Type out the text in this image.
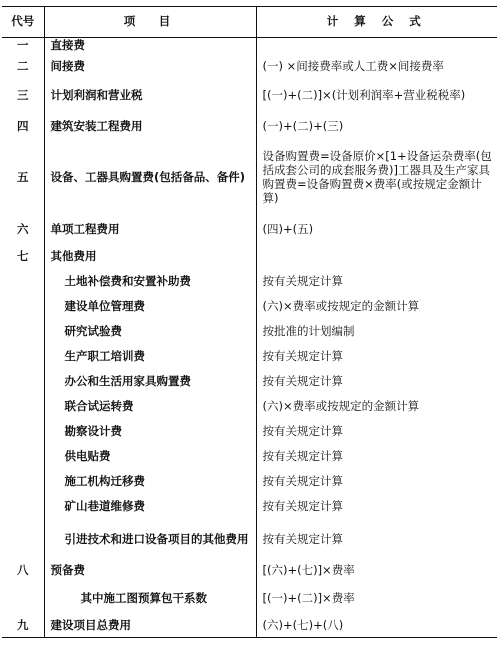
代号	项　目	计 算 公 式
一	直接费	
二	间接费	(一) ×间接费率或人工费×间接费率
三	计划利润和营业税	[(一)+(二)]×(计划利润率+营业税税率)
四	建筑安装工程费用	(一)+(二)+(三)
五	设备、工器具购置费(包括备品、备件)	设备购置费=设备原价×[1+设备运杂费率(包括成套公司的成套服务费)]工器具及生产家具购置费=设备购置费×费率(或按规定金额计算)
六	单项工程费用	(四)+(五)
七	其他费用	
	土地补偿费和安置补助费	按有关规定计算
	建设单位管理费	(六)×费率或按规定的金额计算
	研究试验费	按批准的计划编制
	生产职工培训费	按有关规定计算
	办公和生活用家具购置费	按有关规定计算
	联合试运转费	(六)×费率或按规定的金额计算
	勘察设计费	按有关规定计算
	供电贴费	按有关规定计算
	施工机构迁移费	按有关规定计算
	矿山巷道维修费	按有关规定计算
	引进技术和进口设备项目的其他费用	按有关规定计算
八	预备费	[(六)+(七)]×费率
	其中施工图预算包干系数	[(一)+(二)]×费率
九	建设项目总费用	(六)+(七)+(八)
